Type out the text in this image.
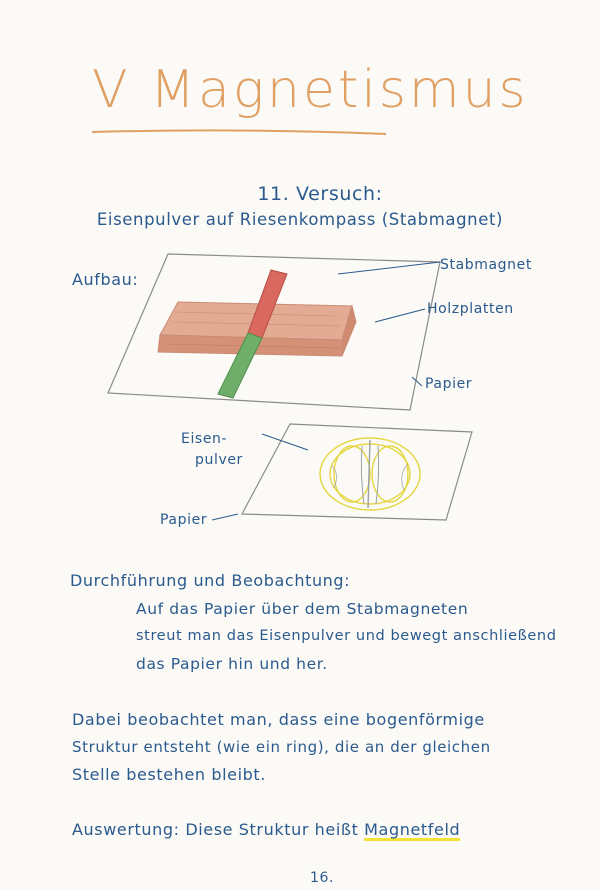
V Magnetismus
11. Versuch:
Eisenpulver auf Riesenkompass (Stabmagnet)
Aufbau:
Stabmagnet
Holzplatten
Papier
Eisen-
pulver
Papier
Durchführung und Beobachtung:
Auf das Papier über dem Stabmagneten
streut man das Eisenpulver und bewegt anschließend
das Papier hin und her.
Dabei beobachtet man, dass eine bogenförmige
Struktur entsteht (wie ein ring), die an der gleichen
Stelle bestehen bleibt.
Auswertung: Diese Struktur heißt Magnetfeld
16.
